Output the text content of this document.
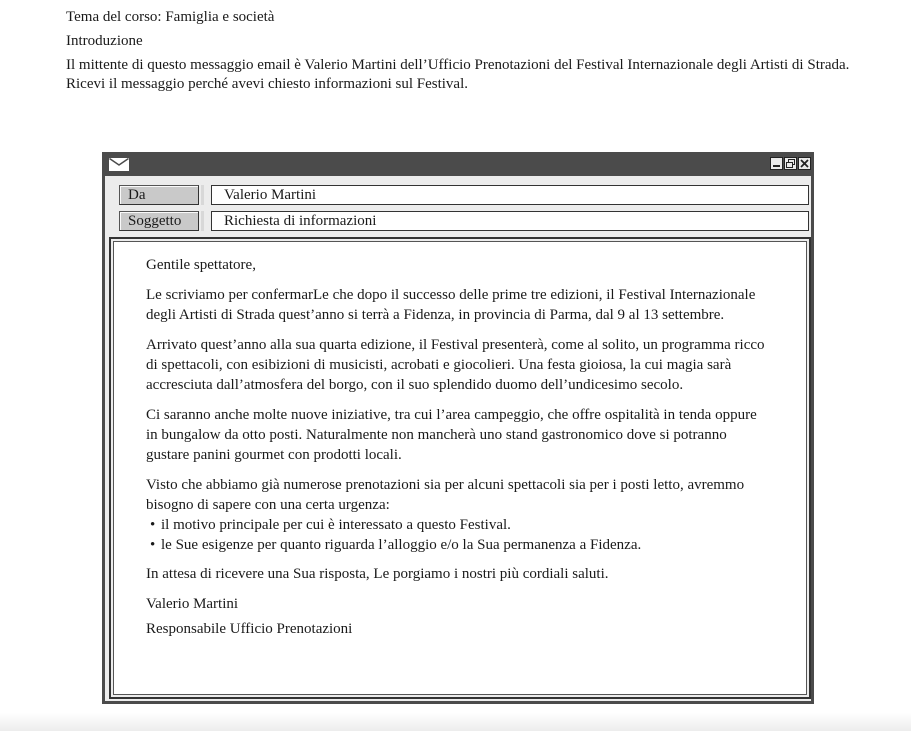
Tema del corso: Famiglia e società

Introduzione

Il mittente di questo messaggio email è Valerio Martini dell’Ufficio Prenotazioni del Festival Internazionale degli Artisti di Strada. Ricevi il messaggio perché avevi chiesto informazioni sul Festival.

Da	Valerio Martini
Soggetto	Richiesta di informazioni

Gentile spettatore,

Le scriviamo per confermarLe che dopo il successo delle prime tre edizioni, il Festival Internazionale degli Artisti di Strada quest’anno si terrà a Fidenza, in provincia di Parma, dal 9 al 13 settembre.

Arrivato quest’anno alla sua quarta edizione, il Festival presenterà, come al solito, un programma ricco di spettacoli, con esibizioni di musicisti, acrobati e giocolieri. Una festa gioiosa, la cui magia sarà accresciuta dall’atmosfera del borgo, con il suo splendido duomo dell’undicesimo secolo.

Ci saranno anche molte nuove iniziative, tra cui l’area campeggio, che offre ospitalità in tenda oppure in bungalow da otto posti. Naturalmente non mancherà uno stand gastronomico dove si potranno gustare panini gourmet con prodotti locali.

Visto che abbiamo già numerose prenotazioni sia per alcuni spettacoli sia per i posti letto, avremmo bisogno di sapere con una certa urgenza:

• il motivo principale per cui è interessato a questo Festival.
• le Sue esigenze per quanto riguarda l’alloggio e/o la Sua permanenza a Fidenza.

In attesa di ricevere una Sua risposta, Le porgiamo i nostri più cordiali saluti.

Valerio Martini

Responsabile Ufficio Prenotazioni
